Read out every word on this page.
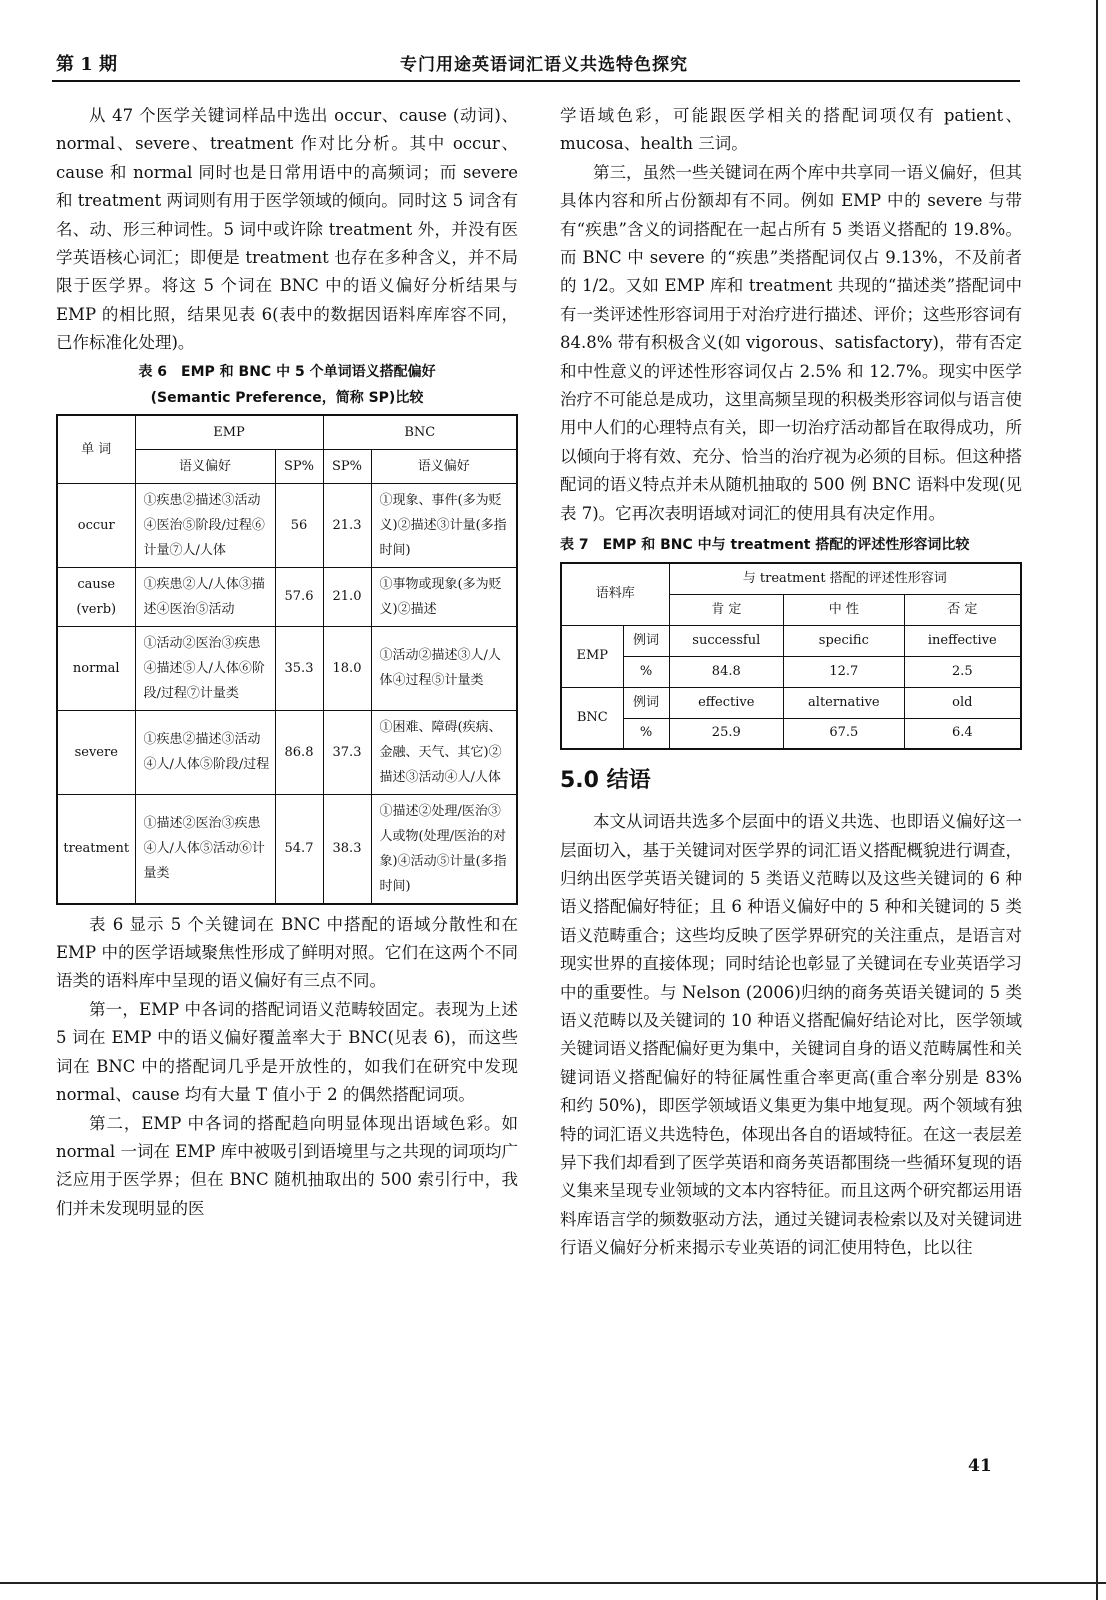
第 1 期	专门用途英语词汇语义共选特色探究

从 47 个医学关键词样品中选出 occur、cause (动词)、normal、severe、treatment 作对比分析。其中 occur、cause 和 normal 同时也是日常用语中的高频词；而 severe 和 treatment 两词则有用于医学领域的倾向。同时这 5 词含有名、动、形三种词性。5 词中或许除 treatment 外，并没有医学英语核心词汇；即便是 treatment 也存在多种含义，并不局限于医学界。将这 5 个词在 BNC 中的语义偏好分析结果与 EMP 的相比照，结果见表 6(表中的数据因语料库库容不同，已作标准化处理)。

表 6　EMP 和 BNC 中 5 个单词语义搭配偏好
(Semantic Preference，简称 SP)比较
单 词	EMP		BNC	
	语义偏好	SP%	SP%	语义偏好
occur	①疾患②描述③活动④医治⑤阶段/过程⑥计量⑦人/人体	56	21.3	①现象、事件(多为贬义)②描述③计量(多指时间)
cause (verb)	①疾患②人/人体③描述④医治⑤活动	57.6	21.0	①事物或现象(多为贬义)②描述
normal	①活动②医治③疾患④描述⑤人/人体⑥阶段/过程⑦计量类	35.3	18.0	①活动②描述③人/人体④过程⑤计量类
severe	①疾患②描述③活动④人/人体⑤阶段/过程	86.8	37.3	①困难、障碍(疾病、金融、天气、其它)②描述③活动④人/人体
treatment	①描述②医治③疾患④人/人体⑤活动⑥计量类	54.7	38.3	①描述②处理/医治③人或物(处理/医治的对象)④活动⑤计量(多指时间)

表 6 显示 5 个关键词在 BNC 中搭配的语域分散性和在 EMP 中的医学语域聚焦性形成了鲜明对照。它们在这两个不同语类的语料库中呈现的语义偏好有三点不同。

第一，EMP 中各词的搭配词语义范畴较固定。表现为上述 5 词在 EMP 中的语义偏好覆盖率大于 BNC(见表 6)，而这些词在 BNC 中的搭配词几乎是开放性的，如我们在研究中发现 normal、cause 均有大量 T 值小于 2 的偶然搭配词项。

第二，EMP 中各词的搭配趋向明显体现出语域色彩。如 normal 一词在 EMP 库中被吸引到语境里与之共现的词项均广泛应用于医学界；但在 BNC 随机抽取出的 500 索引行中，我们并未发现明显的医

学语域色彩，可能跟医学相关的搭配词项仅有 patient、mucosa、health 三词。

第三，虽然一些关键词在两个库中共享同一语义偏好，但其具体内容和所占份额却有不同。例如 EMP 中的 severe 与带有“疾患”含义的词搭配在一起占所有 5 类语义搭配的 19.8%。而 BNC 中 severe 的“疾患”类搭配词仅占 9.13%，不及前者的 1/2。又如 EMP 库和 treatment 共现的“描述类”搭配词中有一类评述性形容词用于对治疗进行描述、评价；这些形容词有 84.8% 带有积极含义(如 vigorous、satisfactory)，带有否定和中性意义的评述性形容词仅占 2.5% 和 12.7%。现实中医学治疗不可能总是成功，这里高频呈现的积极类形容词似与语言使用中人们的心理特点有关，即一切治疗活动都旨在取得成功，所以倾向于将有效、充分、恰当的治疗视为必须的目标。但这种搭配词的语义特点并未从随机抽取的 500 例 BNC 语料中发现(见表 7)。它再次表明语域对词汇的使用具有决定作用。

表 7　EMP 和 BNC 中与 treatment 搭配的评述性形容词比较
语料库		与 treatment 搭配的评述性形容词		
		肯 定	中 性	否 定
EMP	例词	successful	specific	ineffective
	%	84.8	12.7	2.5
BNC	例词	effective	alternative	old
	%	25.9	67.5	6.4
5.0 结语

本文从词语共选多个层面中的语义共选、也即语义偏好这一层面切入，基于关键词对医学界的词汇语义搭配概貌进行调查，归纳出医学英语关键词的 5 类语义范畴以及这些关键词的 6 种语义搭配偏好特征；且 6 种语义偏好中的 5 种和关键词的 5 类语义范畴重合；这些均反映了医学界研究的关注重点，是语言对现实世界的直接体现；同时结论也彰显了关键词在专业英语学习中的重要性。与 Nelson (2006)归纳的商务英语关键词的 5 类语义范畴以及关键词的 10 种语义搭配偏好结论对比，医学领域关键词语义搭配偏好更为集中，关键词自身的语义范畴属性和关键词语义搭配偏好的特征属性重合率更高(重合率分别是 83% 和约 50%)，即医学领域语义集更为集中地复现。两个领域有独特的词汇语义共选特色，体现出各自的语域特征。在这一表层差异下我们却看到了医学英语和商务英语都围绕一些循环复现的语义集来呈现专业领域的文本内容特征。而且这两个研究都运用语料库语言学的频数驱动方法，通过关键词表检索以及对关键词进行语义偏好分析来揭示专业英语的词汇使用特色，比以往

41
